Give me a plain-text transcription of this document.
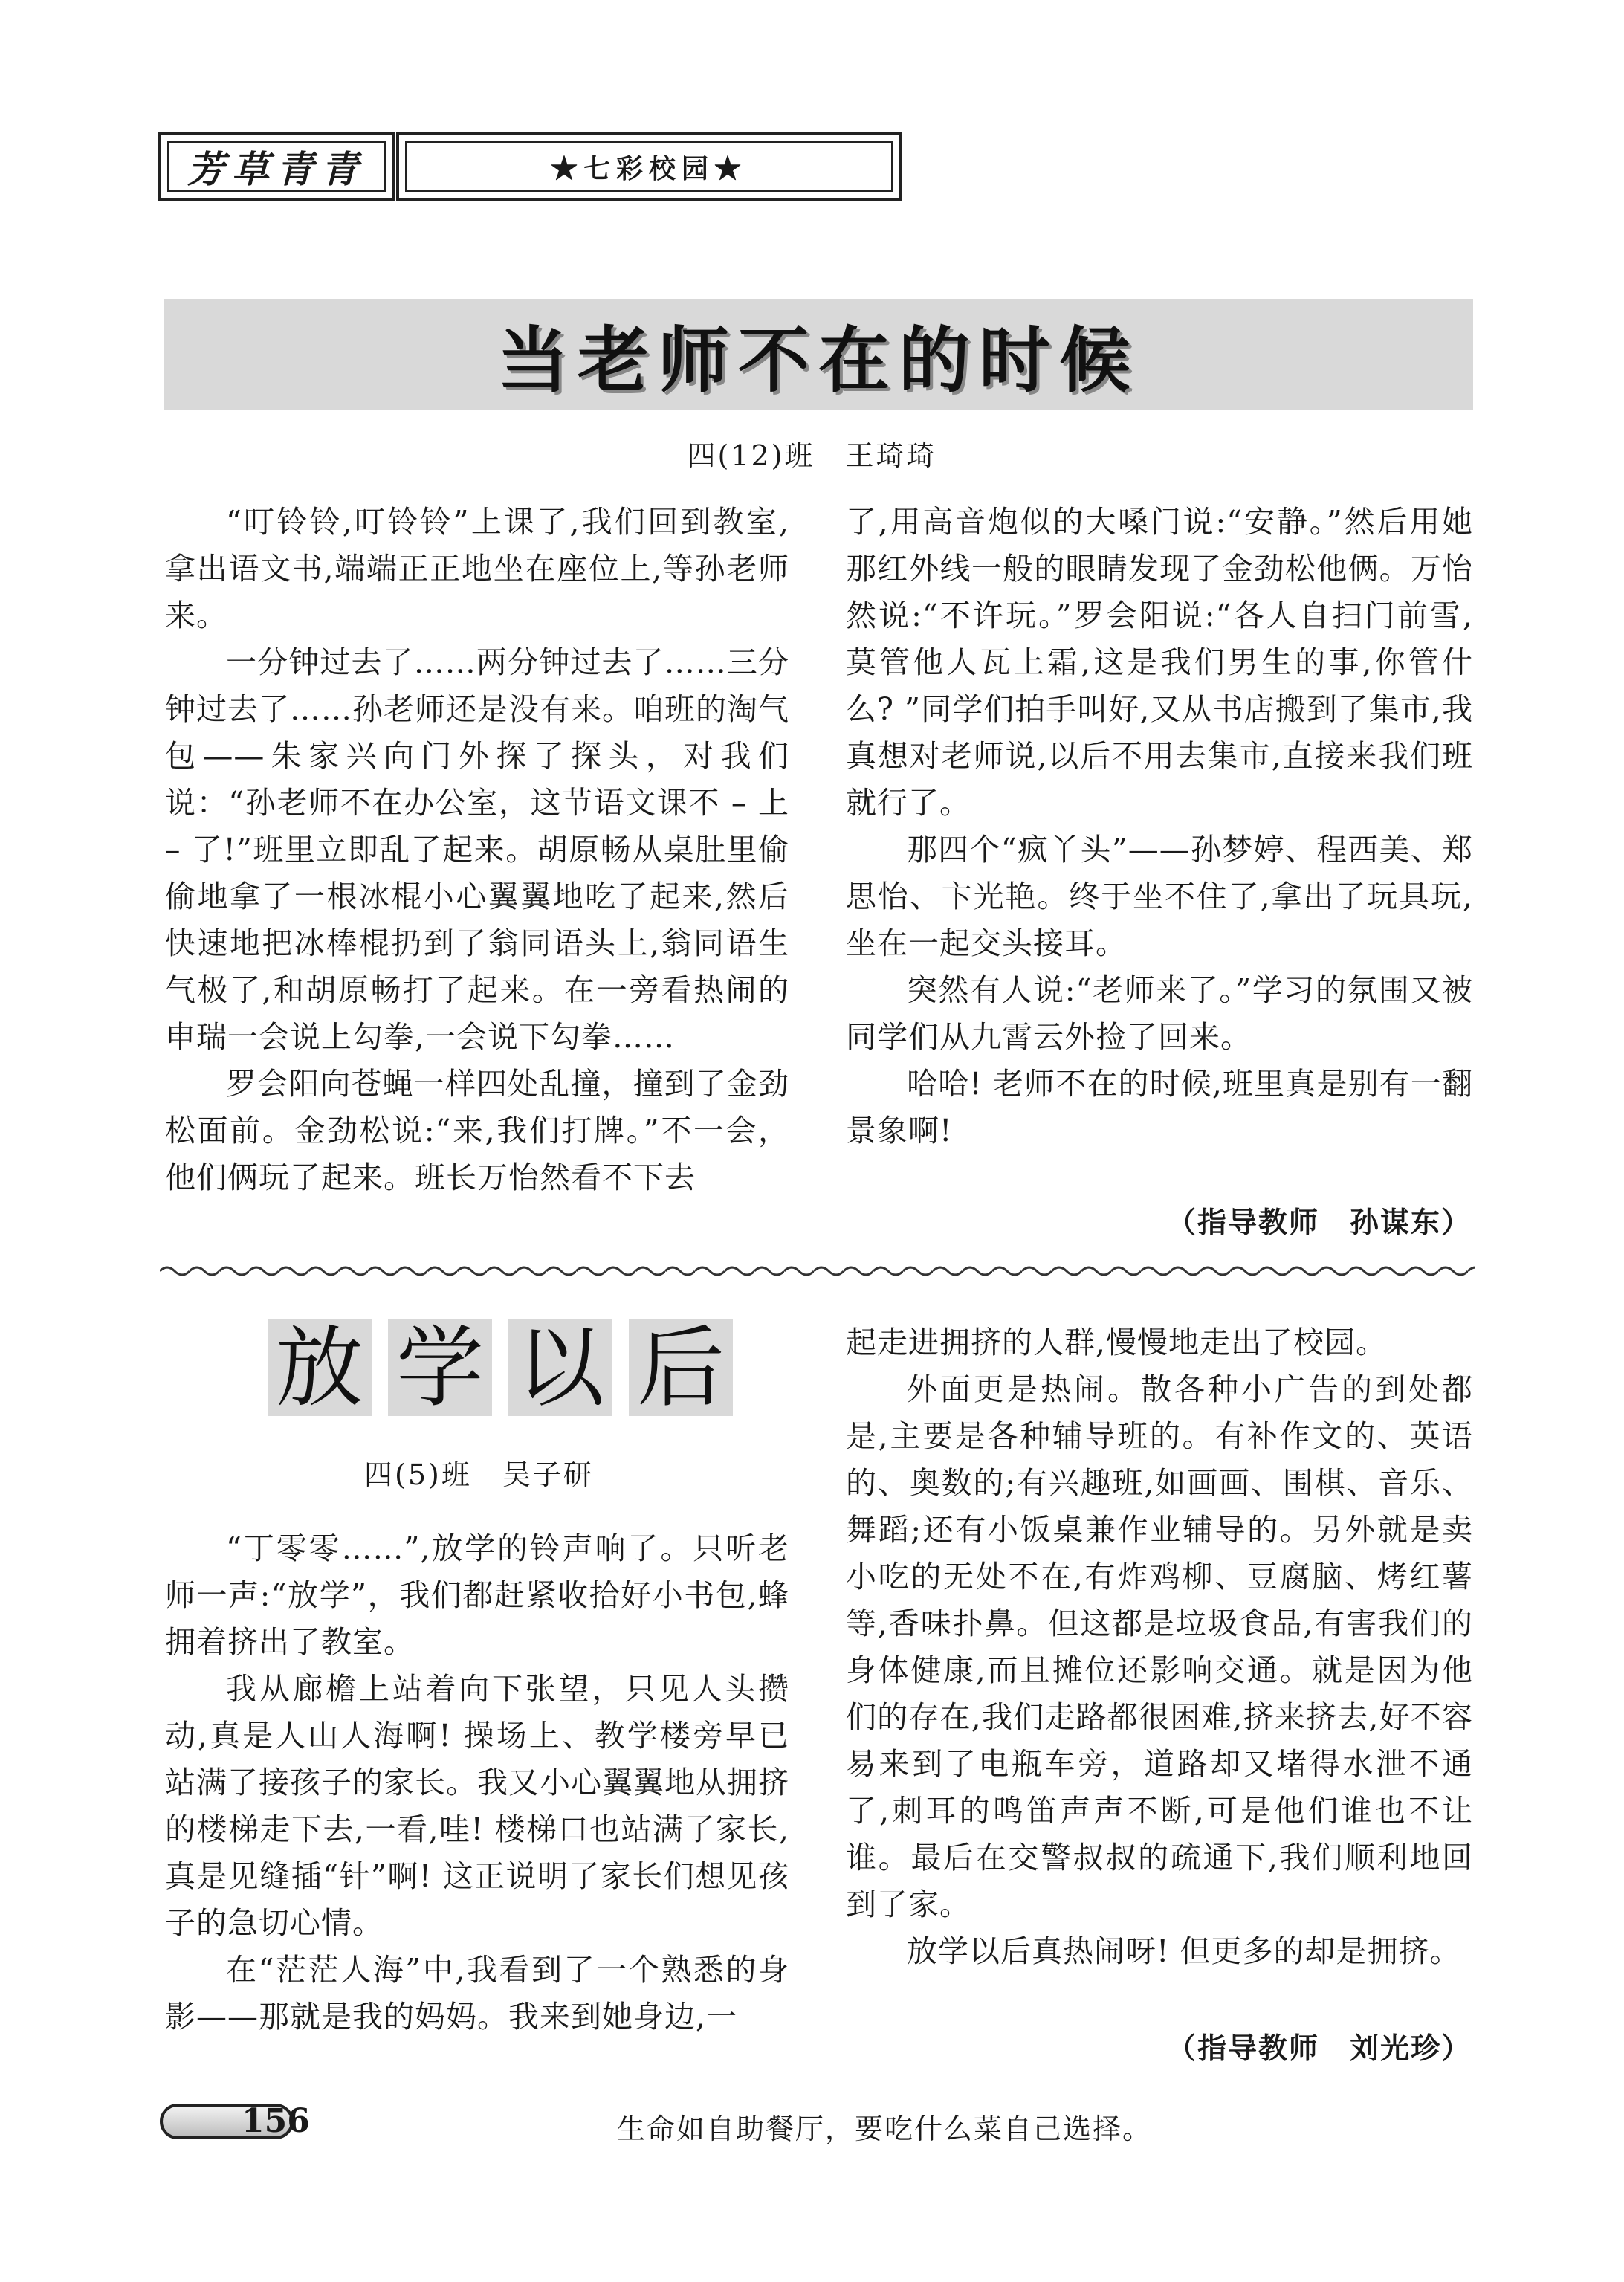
芳草青青	★七彩校园★
当老师不在的时候
四(12)班　王琦琦

“叮铃铃,叮铃铃”上课了,我们回到教室,拿出语文书,端端正正地坐在座位上,等孙老师来。

一分钟过去了……两分钟过去了……三分钟过去了……孙老师还是没有来。咱班的淘气包——朱家兴向门外探了探头，对我们说：“孙老师不在办公室，这节语文课不 – 上 – 了!”班里立即乱了起来。胡原畅从桌肚里偷偷地拿了一根冰棍小心翼翼地吃了起来,然后快速地把冰棒棍扔到了翁同语头上,翁同语生气极了,和胡原畅打了起来。在一旁看热闹的申瑞一会说上勾拳,一会说下勾拳……

罗会阳向苍蝇一样四处乱撞，撞到了金劲松面前。金劲松说:“来,我们打牌。”不一会，他们俩玩了起来。班长万怡然看不下去

了,用高音炮似的大嗓门说:“安静。”然后用她那红外线一般的眼睛发现了金劲松他俩。万怡然说:“不许玩。”罗会阳说:“各人自扫门前雪,莫管他人瓦上霜,这是我们男生的事,你管什么? ”同学们拍手叫好,又从书店搬到了集市,我真想对老师说,以后不用去集市,直接来我们班就行了。

那四个“疯丫头”——孙梦婷、程西美、郑思怡、卞光艳。终于坐不住了,拿出了玩具玩,坐在一起交头接耳。

突然有人说:“老师来了。”学习的氛围又被同学们从九霄云外捡了回来。

哈哈! 老师不在的时候,班里真是别有一翻景象啊!

（指导教师　孙谋东）
放 学 以 后
四(5)班　吴子研

“丁零零……”,放学的铃声响了。只听老师一声:“放学”，我们都赶紧收拾好小书包,蜂拥着挤出了教室。

我从廊檐上站着向下张望，只见人头攒动,真是人山人海啊! 操场上、教学楼旁早已站满了接孩子的家长。我又小心翼翼地从拥挤的楼梯走下去,一看,哇! 楼梯口也站满了家长,真是见缝插“针”啊! 这正说明了家长们想见孩子的急切心情。

在“茫茫人海”中,我看到了一个熟悉的身影——那就是我的妈妈。我来到她身边,一

起走进拥挤的人群,慢慢地走出了校园。

外面更是热闹。散各种小广告的到处都是,主要是各种辅导班的。有补作文的、英语的、奥数的;有兴趣班,如画画、围棋、音乐、舞蹈;还有小饭桌兼作业辅导的。另外就是卖小吃的无处不在,有炸鸡柳、豆腐脑、烤红薯等,香味扑鼻。但这都是垃圾食品,有害我们的身体健康,而且摊位还影响交通。就是因为他们的存在,我们走路都很困难,挤来挤去,好不容易来到了电瓶车旁，道路却又堵得水泄不通了,刺耳的鸣笛声声不断,可是他们谁也不让谁。最后在交警叔叔的疏通下,我们顺利地回到了家。

放学以后真热闹呀! 但更多的却是拥挤。

（指导教师　刘光珍）
156	生命如自助餐厅，要吃什么菜自己选择。
